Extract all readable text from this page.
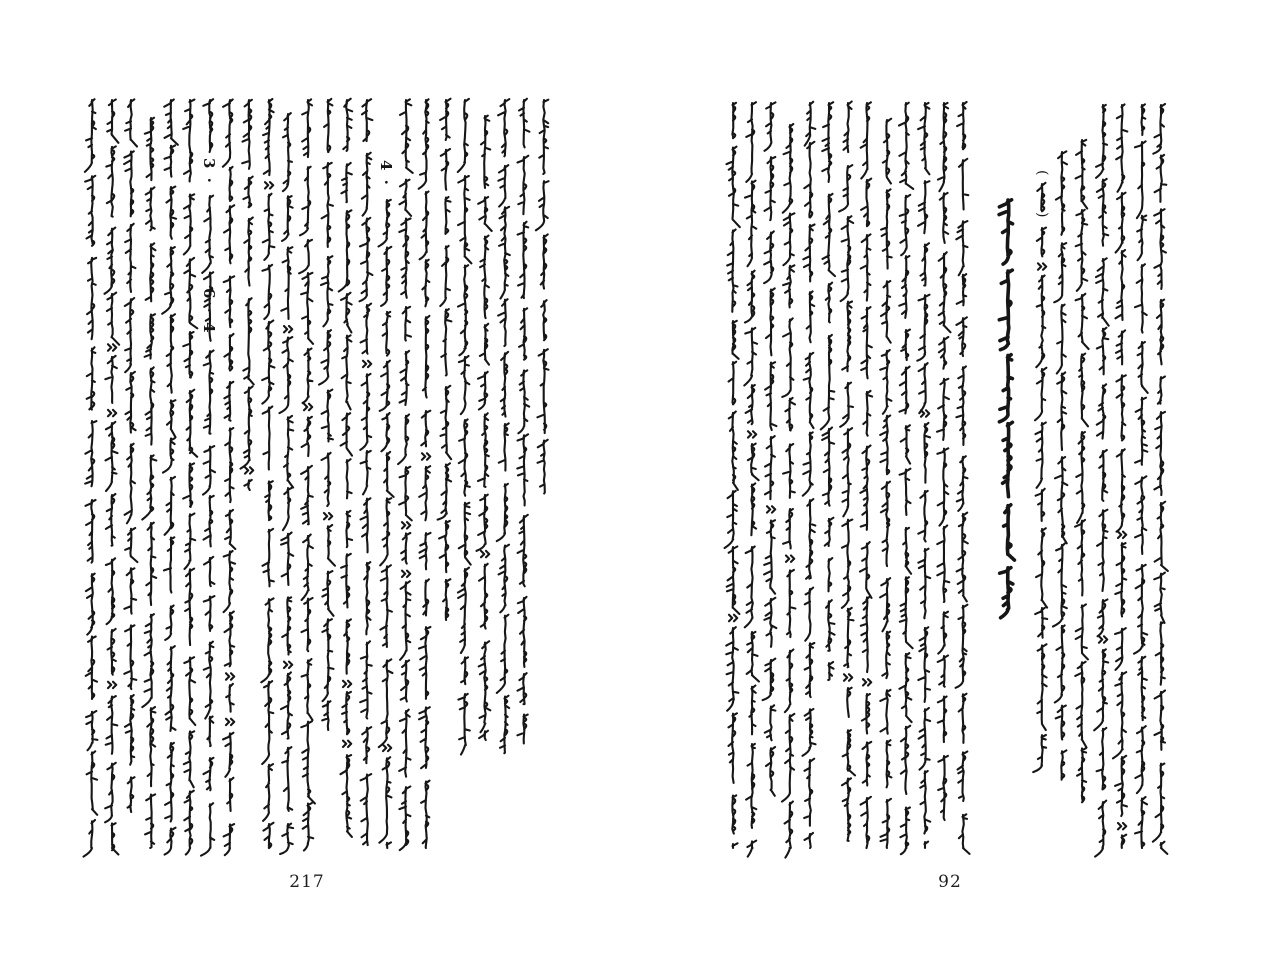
217
3 ·
6 · 4
4 ·
92
(
)
